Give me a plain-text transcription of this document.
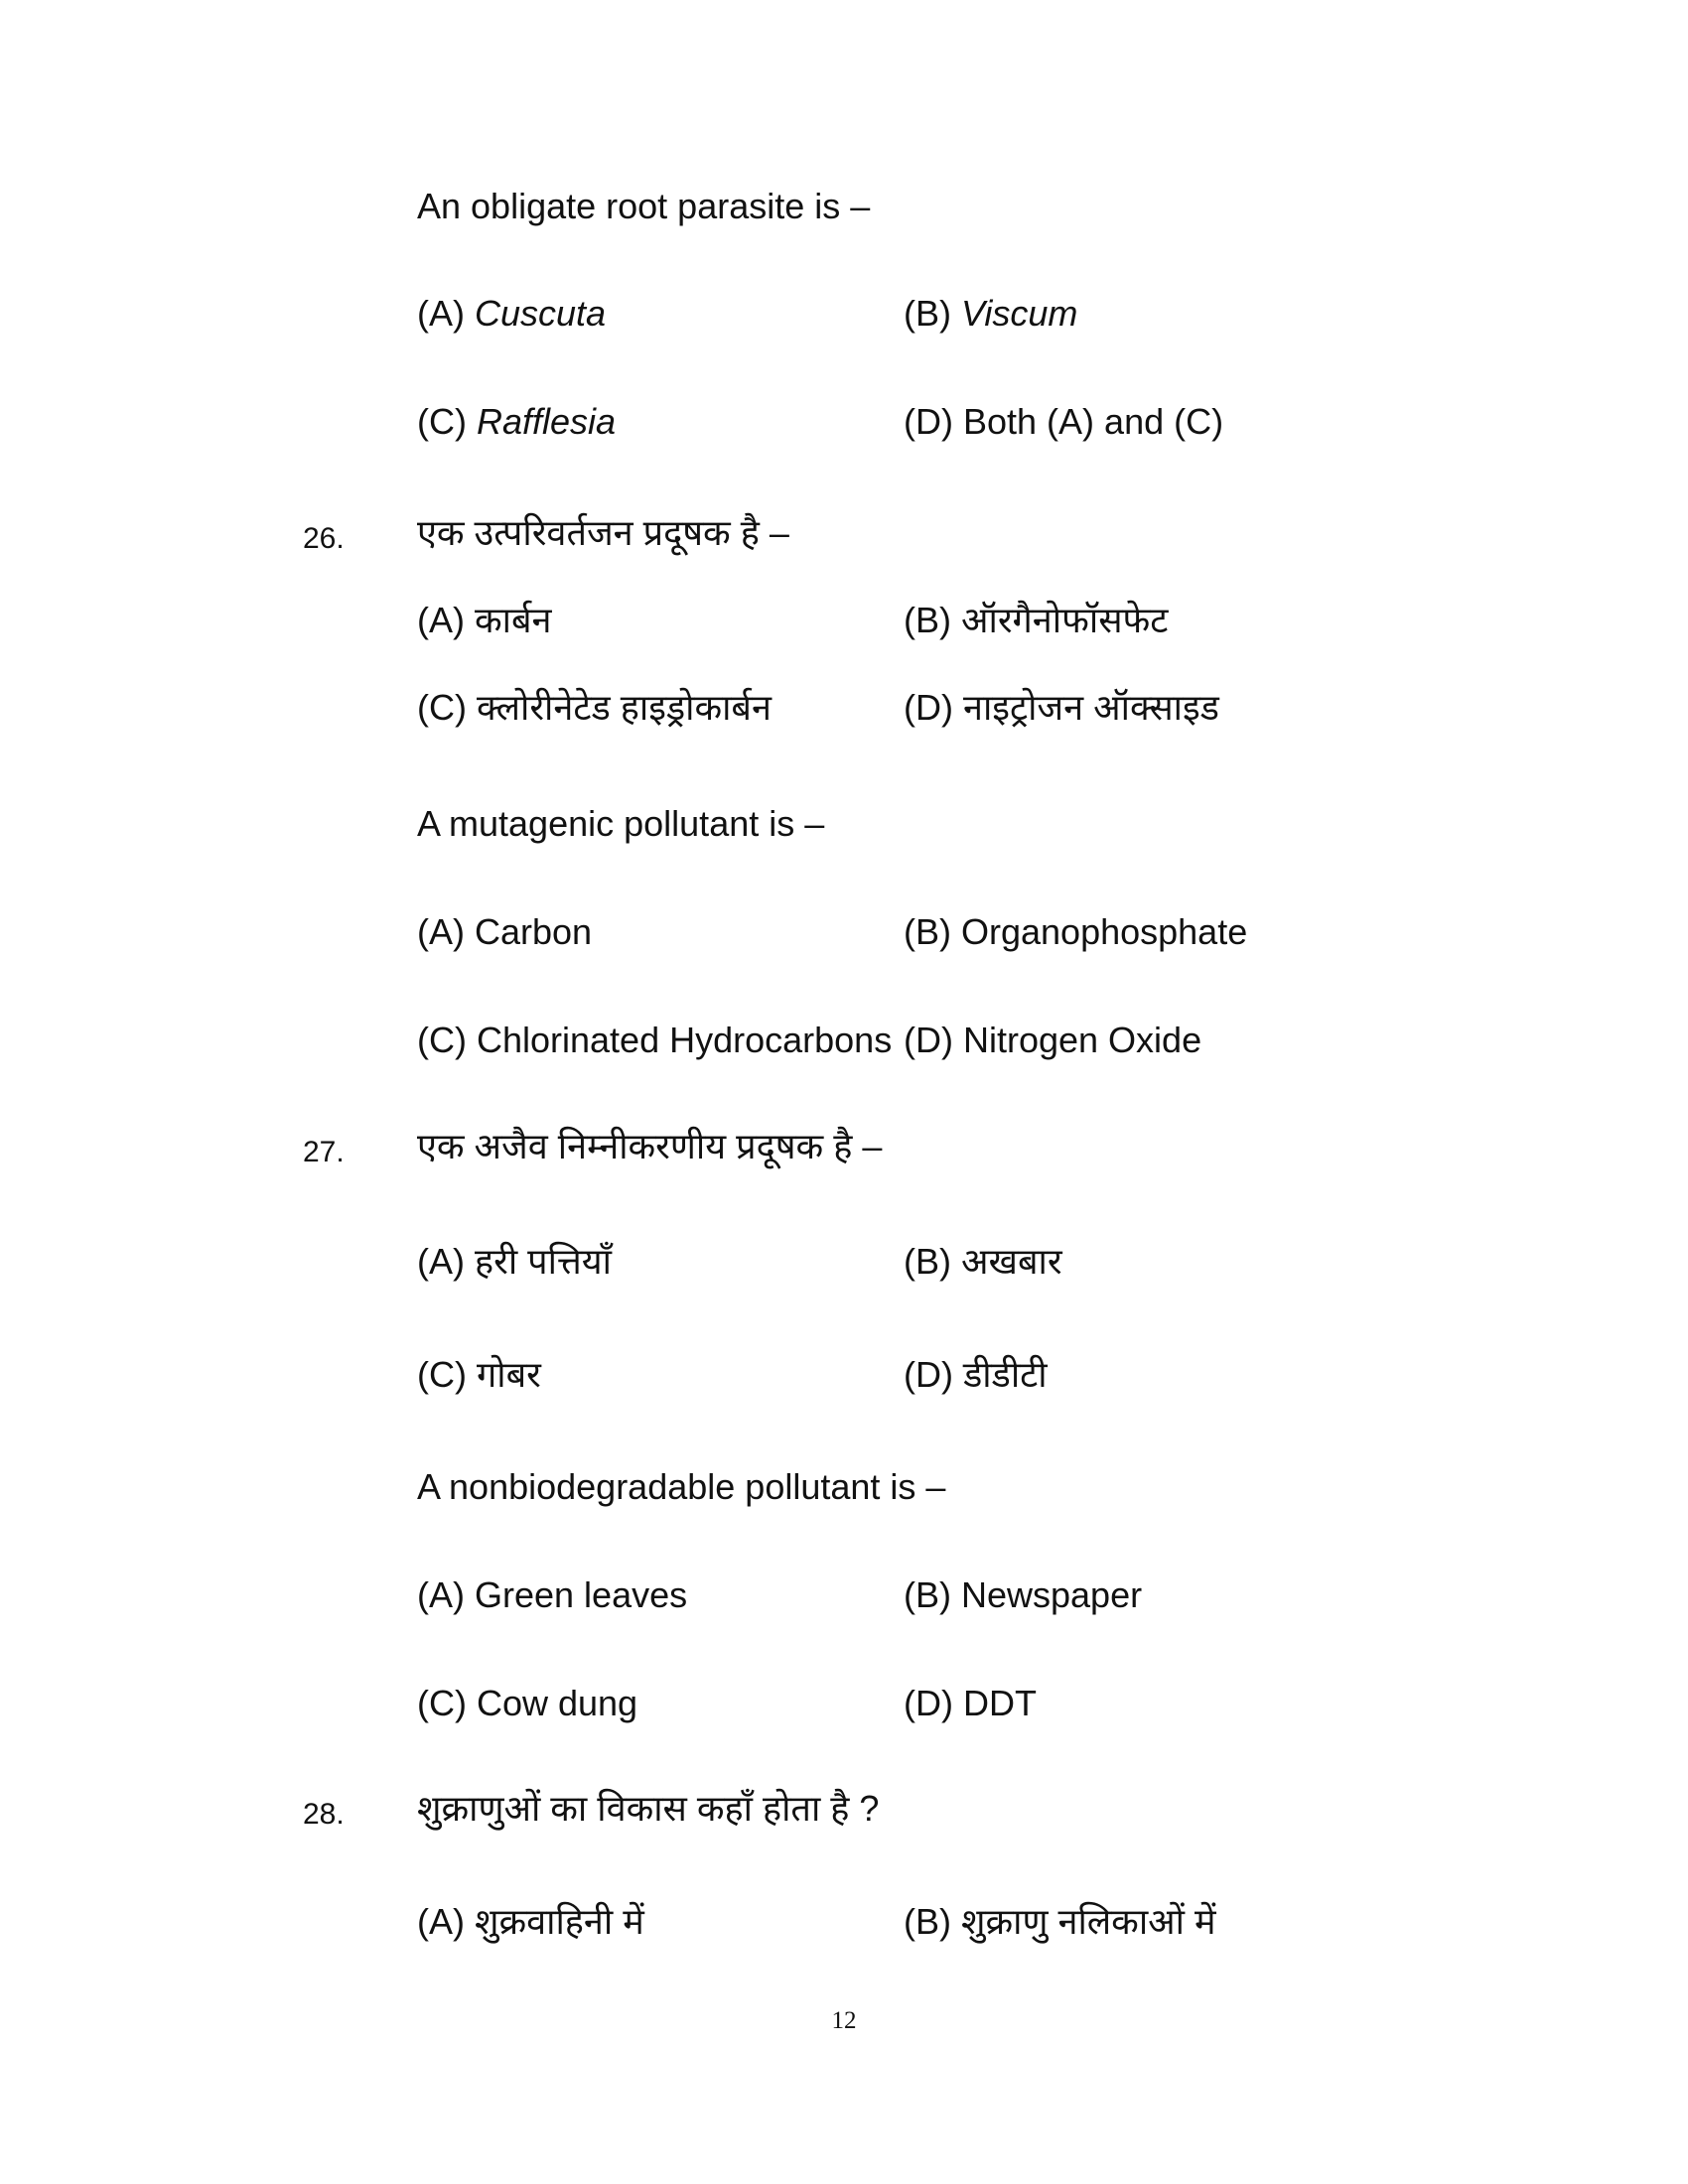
An obligate root parasite is –
(A) Cuscuta	(B) Viscum
(C) Rafflesia	(D) Both (A) and (C)
26. एक उत्परिवर्तजन प्रदूषक है –
(A) कार्बन	(B) ऑरगैनोफॉसफेट
(C) क्लोरीनेटेड हाइड्रोकार्बन	(D) नाइट्रोजन ऑक्साइड
A mutagenic pollutant is –
(A) Carbon	(B) Organophosphate
(C) Chlorinated Hydrocarbons (D) Nitrogen Oxide
27. एक अजैव निम्नीकरणीय प्रदूषक है –
(A) हरी पत्तियाँ	(B) अखबार
(C) गोबर	(D) डीडीटी
A nonbiodegradable pollutant is –
(A) Green leaves	(B) Newspaper
(C) Cow dung	(D) DDT
28. शुक्राणुओं का विकास कहाँ होता है ?
(A) शुक्रवाहिनी में	(B) शुक्राणु नलिकाओं में
12
